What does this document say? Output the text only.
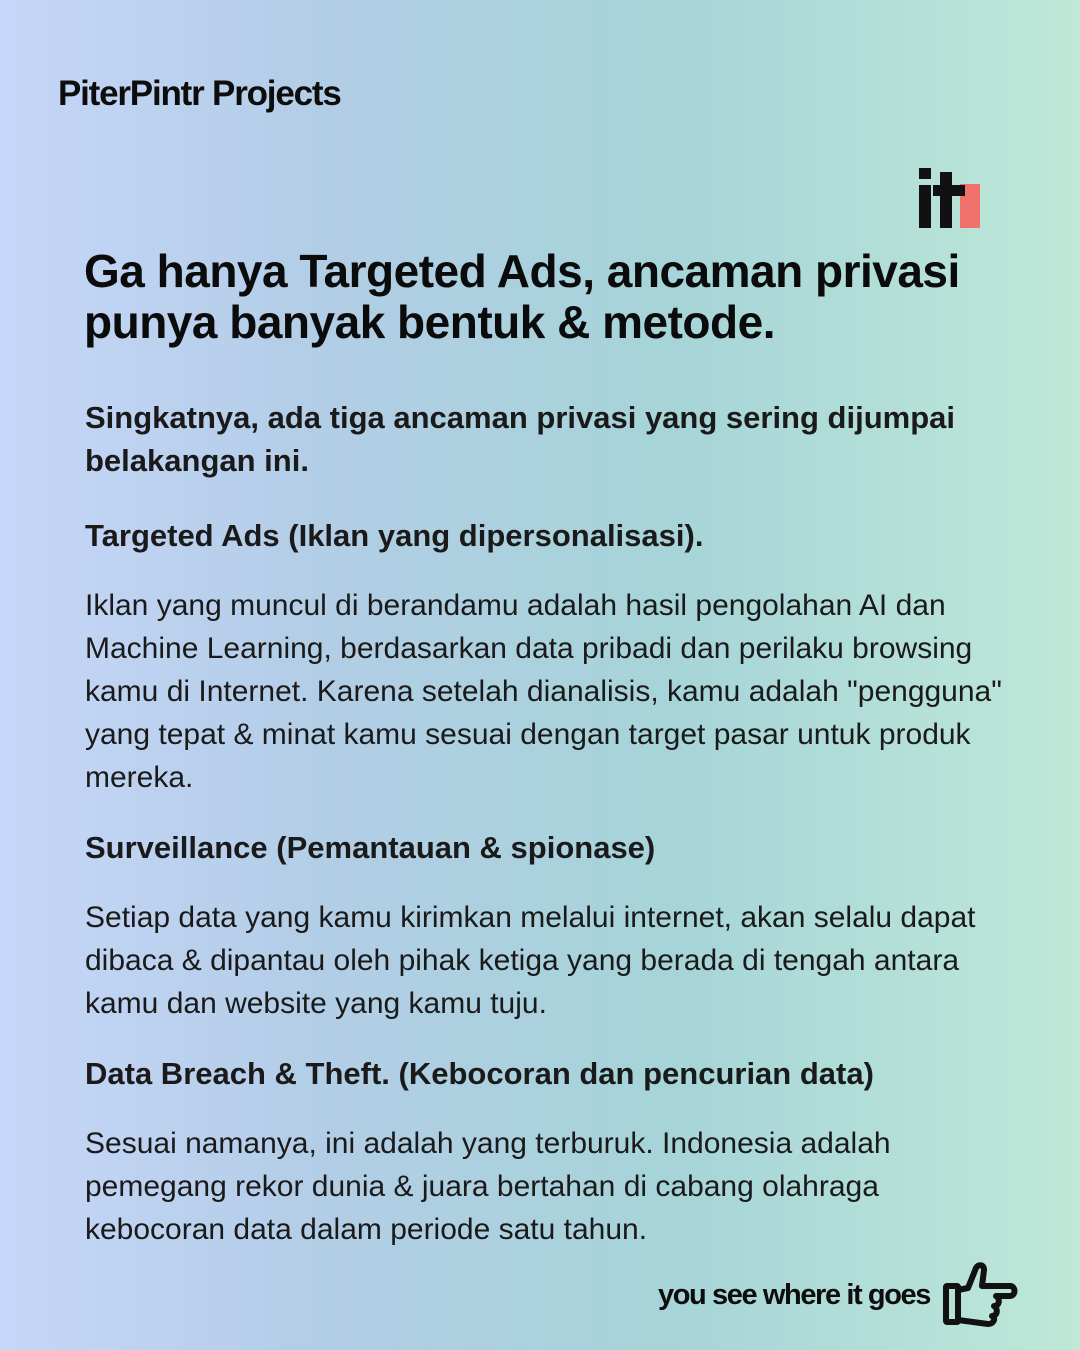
PiterPintr Projects
Ga hanya Targeted Ads, ancaman privasi punya banyak bentuk & metode.

Singkatnya, ada tiga ancaman privasi yang sering dijumpai belakangan ini.

Targeted Ads (Iklan yang dipersonalisasi).

Iklan yang muncul di berandamu adalah hasil pengolahan AI dan Machine Learning, berdasarkan data pribadi dan perilaku browsing kamu di Internet. Karena setelah dianalisis, kamu adalah "pengguna" yang tepat & minat kamu sesuai dengan target pasar untuk produk mereka.

Surveillance (Pemantauan & spionase)

Setiap data yang kamu kirimkan melalui internet, akan selalu dapat dibaca & dipantau oleh pihak ketiga yang berada di tengah antara kamu dan website yang kamu tuju.

Data Breach & Theft. (Kebocoran dan pencurian data)

Sesuai namanya, ini adalah yang terburuk. Indonesia adalah pemegang rekor dunia & juara bertahan di cabang olahraga kebocoran data dalam periode satu tahun.

you see where it goes
